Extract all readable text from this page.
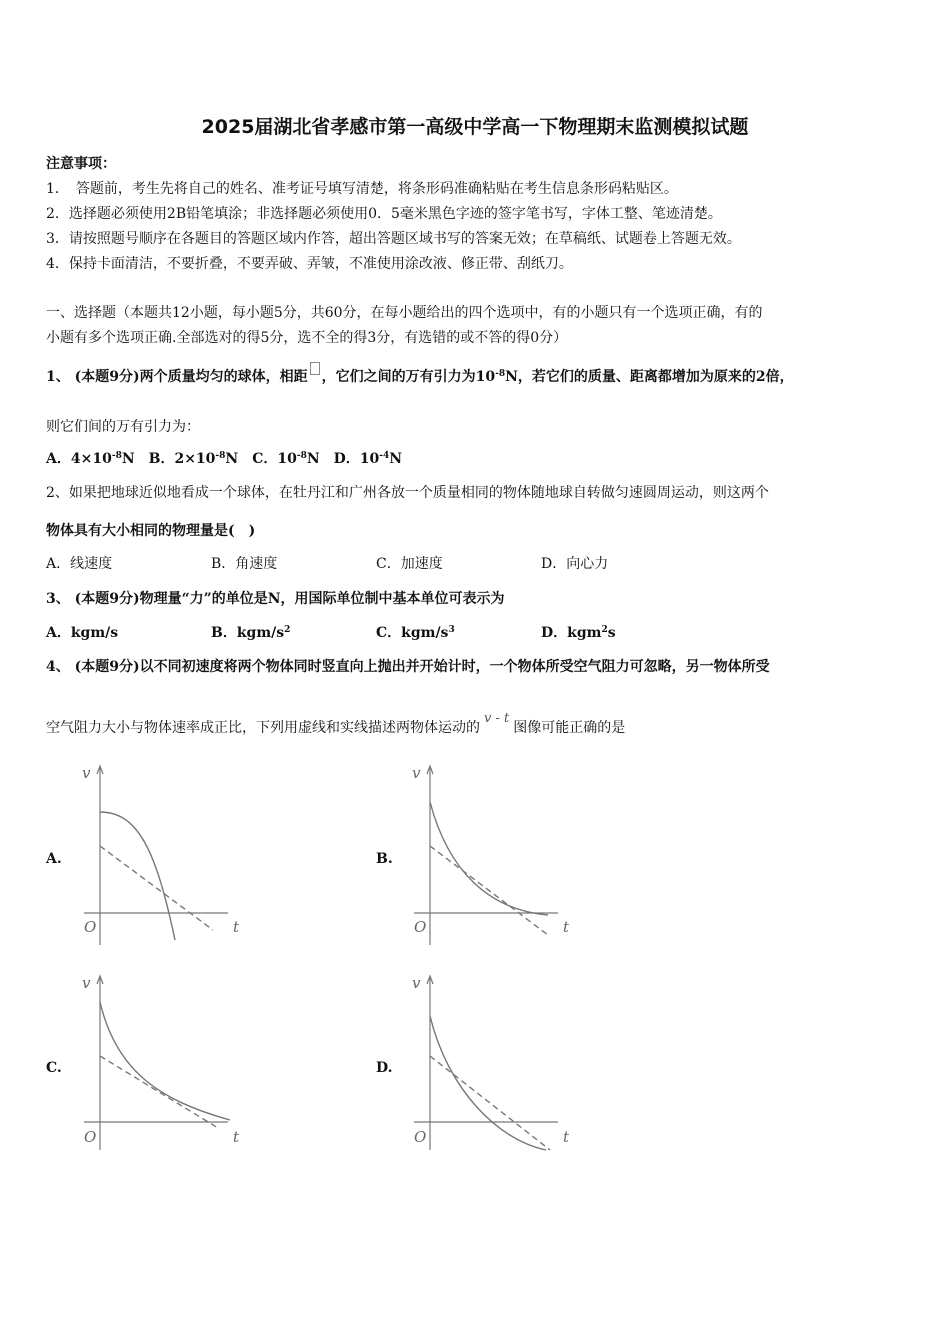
2025届湖北省孝感市第一高级中学高一下物理期末监测模拟试题
注意事项：
1．　答题前，考生先将自己的姓名、准考证号填写清楚，将条形码准确粘贴在考生信息条形码粘贴区。
2．选择题必须使用2B铅笔填涂；非选择题必须使用0．5毫米黑色字迹的签字笔书写，字体工整、笔迹清楚。
3．请按照题号顺序在各题目的答题区域内作答，超出答题区域书写的答案无效；在草稿纸、试题卷上答题无效。
4．保持卡面清洁，不要折叠，不要弄破、弄皱，不准使用涂改液、修正带、刮纸刀。
一、选择题（本题共12小题，每小题5分，共60分，在每小题给出的四个选项中，有的小题只有一个选项正确，有的
小题有多个选项正确.全部选对的得5分，选不全的得3分，有选错的或不答的得0分）
1、 (本题9分)两个质量均匀的球体，相距 ，它们之间的万有引力为$10^{-8}N$，若它们的质量、距离都增加为原来的2倍，
则它们间的万有引力为：
A．$4\times 10^{-8}N$ B．$2\times 10^{-8}N$ C．$10^{-8}N$ D．$10^{-4}N$
2、如果把地球近似地看成一个球体，在牡丹江和广州各放一个质量相同的物体随地球自转做匀速圆周运动，则这两个
物体具有大小相同的物理量是(　)
A．线速度	B．角速度	C．加速度	D．向心力
3、 (本题9分)物理量“力”的单位是N，用国际单位制中基本单位可表示为
A．kgm/s	B．kgm/$s^2$	C．kgm/$s^3$	D．kgm$^2$s
4、 (本题9分)以不同初速度将两个物体同时竖直向上抛出并开始计时，一个物体所受空气阻力可忽略，另一物体所受
空气阻力大小与物体速率成正比，下列用虚线和实线描述两物体运动的v - t图像可能正确的是
A.	B.
C.	D.
v
O	t
v
O	t
v
O	t
v
O	t
